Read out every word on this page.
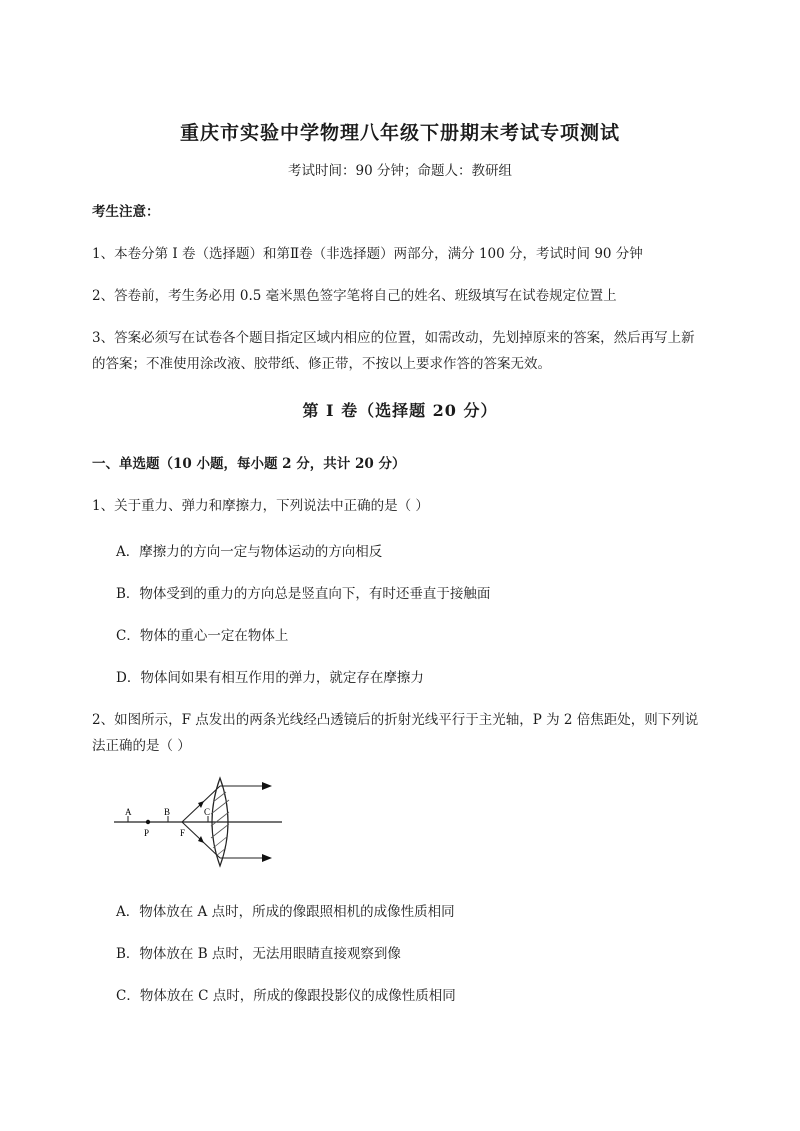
重庆市实验中学物理八年级下册期末考试专项测试
考试时间：90 分钟；命题人：教研组
考生注意：
1、本卷分第 I 卷（选择题）和第Ⅱ卷（非选择题）两部分，满分 100 分，考试时间 90 分钟
2、答卷前，考生务必用 0.5 毫米黑色签字笔将自己的姓名、班级填写在试卷规定位置上
3、答案必须写在试卷各个题目指定区域内相应的位置，如需改动，先划掉原来的答案，然后再写上新
的答案；不准使用涂改液、胶带纸、修正带，不按以上要求作答的答案无效。
第 I 卷（选择题 20 分）
一、单选题（10 小题，每小题 2 分，共计 20 分）
1、关于重力、弹力和摩擦力，下列说法中正确的是（ ）
A．摩擦力的方向一定与物体运动的方向相反
B．物体受到的重力的方向总是竖直向下，有时还垂直于接触面
C．物体的重心一定在物体上
D．物体间如果有相互作用的弹力，就定存在摩擦力
2、如图所示，F 点发出的两条光线经凸透镜后的折射光线平行于主光轴，P 为 2 倍焦距处，则下列说
法正确的是（ ）
A	B	C
P	F
A．物体放在 A 点时，所成的像跟照相机的成像性质相同
B．物体放在 B 点时，无法用眼睛直接观察到像
C．物体放在 C 点时，所成的像跟投影仪的成像性质相同
